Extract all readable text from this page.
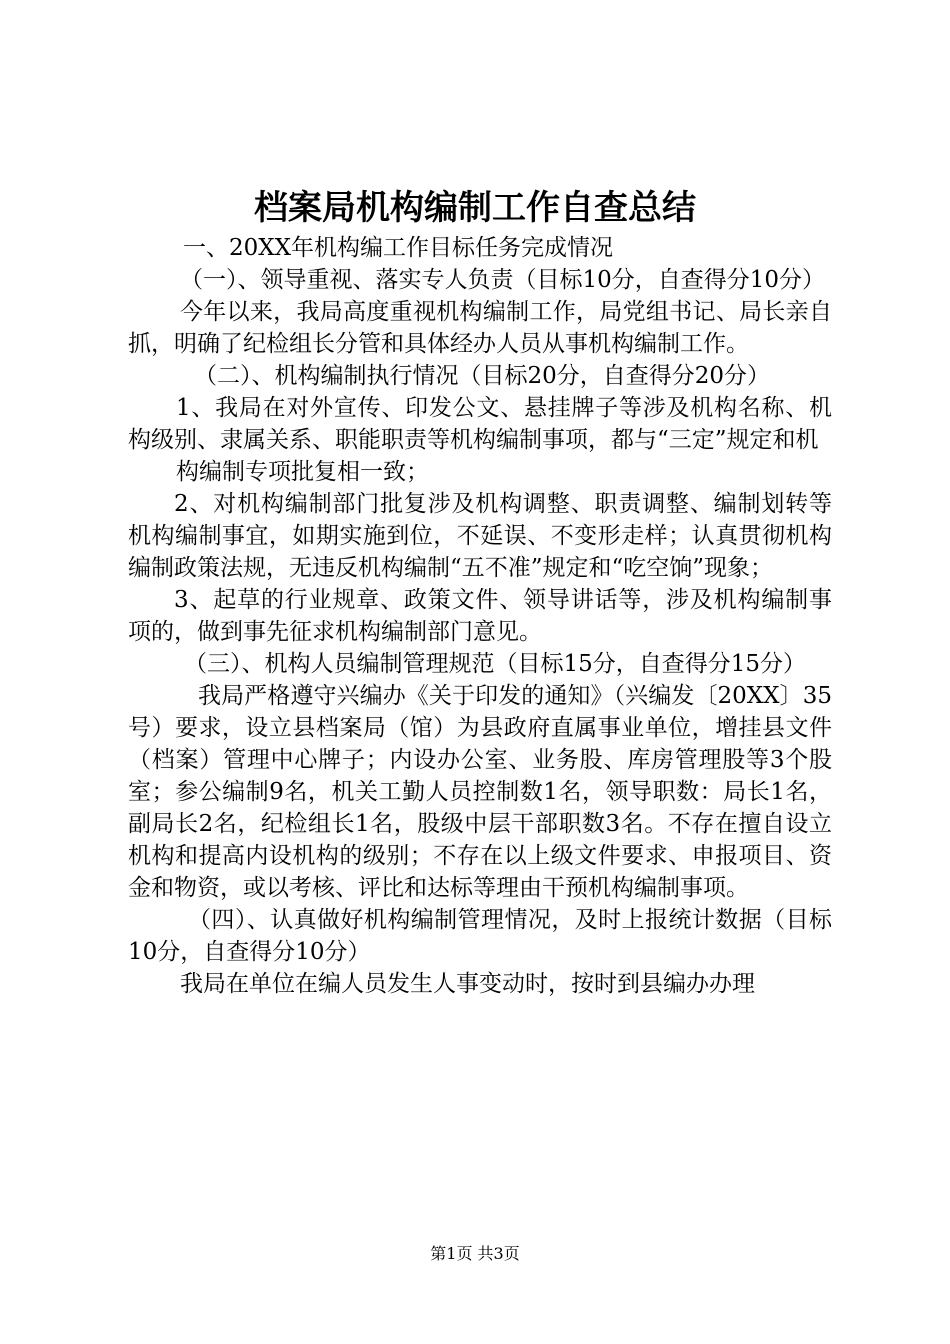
档案局机构编制工作自查总结

一、20XX年机构编工作目标任务完成情况

（一）、领导重视、落实专人负责（目标10分，自查得分10分）

今年以来，我局高度重视机构编制工作，局党组书记、局长亲自抓，明确了纪检组长分管和具体经办人员从事机构编制工作。

（二）、机构编制执行情况（目标20分，自查得分20分）

1、我局在对外宣传、印发公文、悬挂牌子等涉及机构名称、机构级别、隶属关系、职能职责等机构编制事项，都与“三定”规定和机

构编制专项批复相一致；

2、对机构编制部门批复涉及机构调整、职责调整、编制划转等机构编制事宜，如期实施到位，不延误、不变形走样；认真贯彻机构编制政策法规，无违反机构编制“五不准”规定和“吃空饷”现象；

3、起草的行业规章、政策文件、领导讲话等，涉及机构编制事项的，做到事先征求机构编制部门意见。

（三）、机构人员编制管理规范（目标15分，自查得分15分）

我局严格遵守兴编办《关于印发的通知》（兴编发〔20XX〕35号）要求，设立县档案局（馆）为县政府直属事业单位，增挂县文件（档案）管理中心牌子；内设办公室、业务股、库房管理股等3个股室；参公编制9名，机关工勤人员控制数1名，领导职数：局长1名，副局长2名，纪检组长1名，股级中层干部职数3名。不存在擅自设立机构和提高内设机构的级别；不存在以上级文件要求、申报项目、资金和物资，或以考核、评比和达标等理由干预机构编制事项。

（四）、认真做好机构编制管理情况，及时上报统计数据（目标10分，自查得分10分）

我局在单位在编人员发生人事变动时，按时到县编办办理

第1页 共3页
